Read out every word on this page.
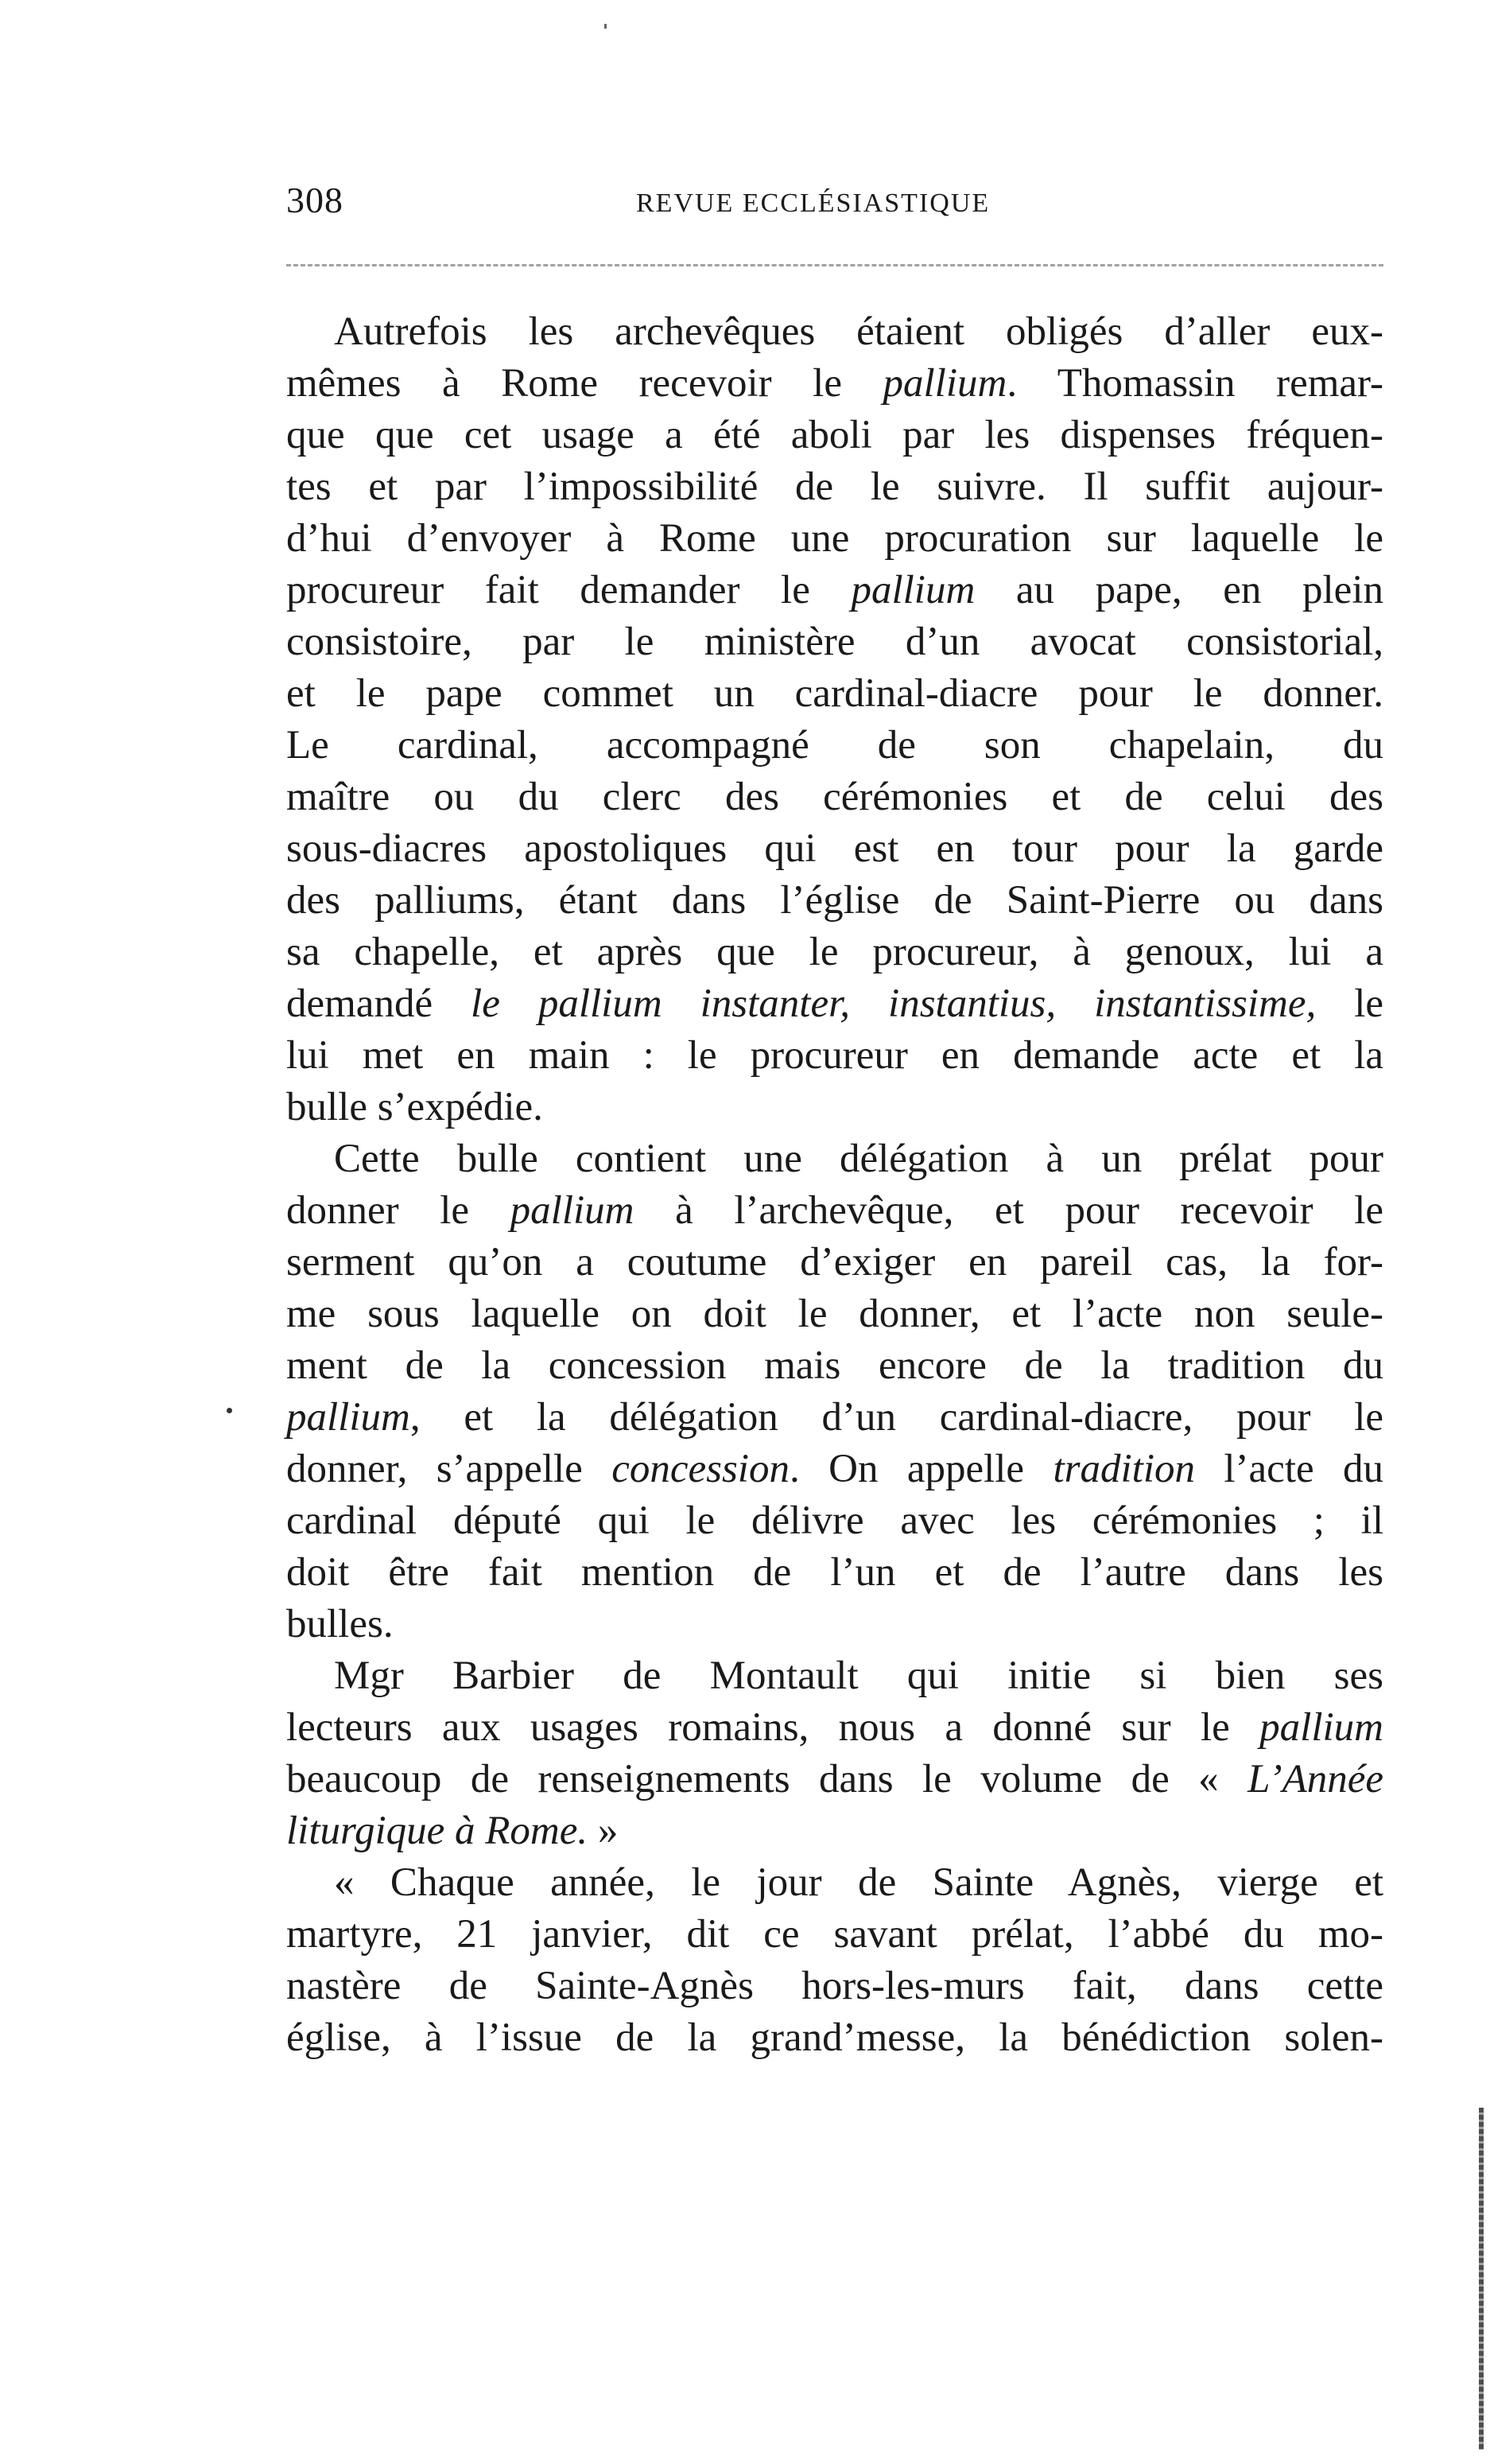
308	REVUE ECCLÉSIASTIQUE

Autrefois les archevêques étaient obligés d’aller eux-
mêmes à Rome recevoir le pallium. Thomassin remar-
que que cet usage a été aboli par les dispenses fréquen-
tes et par l’impossibilité de le suivre. Il suffit aujour-
d’hui d’envoyer à Rome une procuration sur laquelle le
procureur fait demander le pallium au pape, en plein
consistoire, par le ministère d’un avocat consistorial,
et le pape commet un cardinal-diacre pour le donner.
Le cardinal, accompagné de son chapelain, du
maître ou du clerc des cérémonies et de celui des
sous-diacres apostoliques qui est en tour pour la garde
des palliums, étant dans l’église de Saint-Pierre ou dans
sa chapelle, et après que le procureur, à genoux, lui a
demandé le pallium instanter, instantius, instantissime, le
lui met en main : le procureur en demande acte et la
bulle s’expédie.

Cette bulle contient une délégation à un prélat pour
donner le pallium à l’archevêque, et pour recevoir le
serment qu’on a coutume d’exiger en pareil cas, la for-
me sous laquelle on doit le donner, et l’acte non seule-
ment de la concession mais encore de la tradition du
pallium, et la délégation d’un cardinal-diacre, pour le
donner, s’appelle concession. On appelle tradition l’acte du
cardinal député qui le délivre avec les cérémonies ; il
doit être fait mention de l’un et de l’autre dans les
bulles.

Mgr Barbier de Montault qui initie si bien ses
lecteurs aux usages romains, nous a donné sur le pallium
beaucoup de renseignements dans le volume de « L’Année
liturgique à Rome. »

« Chaque année, le jour de Sainte Agnès, vierge et
martyre, 21 janvier, dit ce savant prélat, l’abbé du mo-
nastère de Sainte-Agnès hors-les-murs fait, dans cette
église, à l’issue de la grand’messe, la bénédiction solen-
